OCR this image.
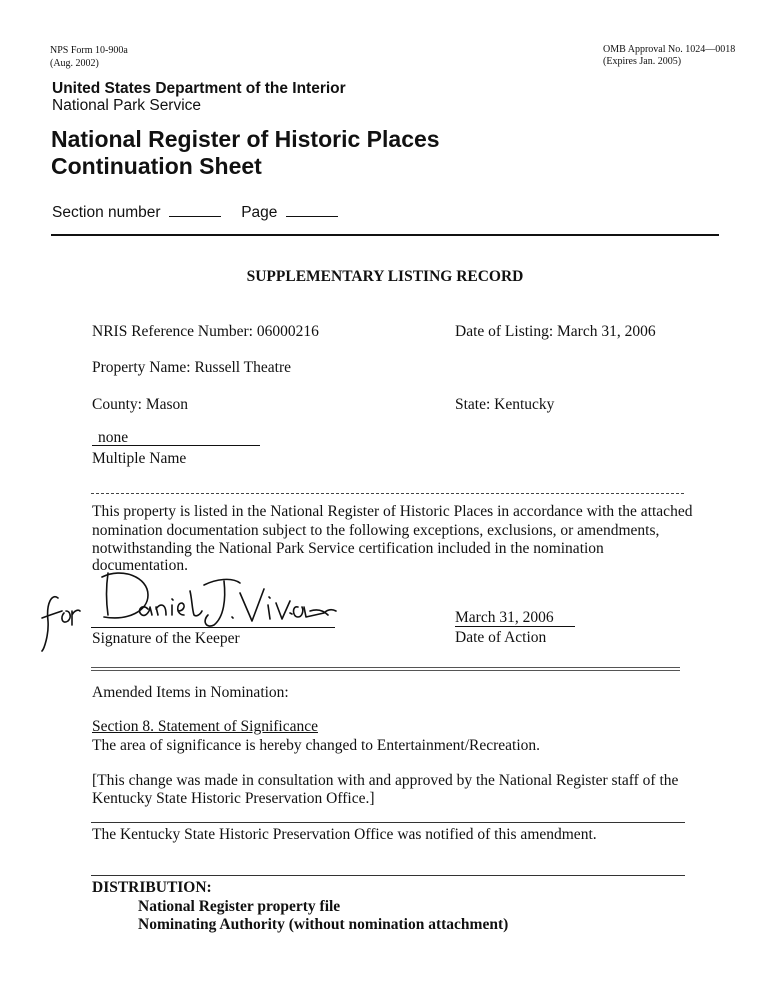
NPS Form 10-900a
(Aug. 2002)
OMB Approval No. 1024—0018
(Expires Jan. 2005)
United States Department of the Interior
National Park Service
National Register of Historic Places
Continuation Sheet
Section number	Page
SUPPLEMENTARY LISTING RECORD
NRIS Reference Number: 06000216	Date of Listing: March 31, 2006
Property Name: Russell Theatre
County: Mason	State: Kentucky
none
Multiple Name
This property is listed in the National Register of Historic Places in accordance with the attached
nomination documentation subject to the following exceptions, exclusions, or amendments,
notwithstanding the National Park Service certification included in the nomination
documentation.
Signature of the Keeper
March 31, 2006
Date of Action
Amended Items in Nomination:
Section 8. Statement of Significance
The area of significance is hereby changed to Entertainment/Recreation.
[This change was made in consultation with and approved by the National Register staff of the
Kentucky State Historic Preservation Office.]
The Kentucky State Historic Preservation Office was notified of this amendment.
DISTRIBUTION:
National Register property file
Nominating Authority (without nomination attachment)
